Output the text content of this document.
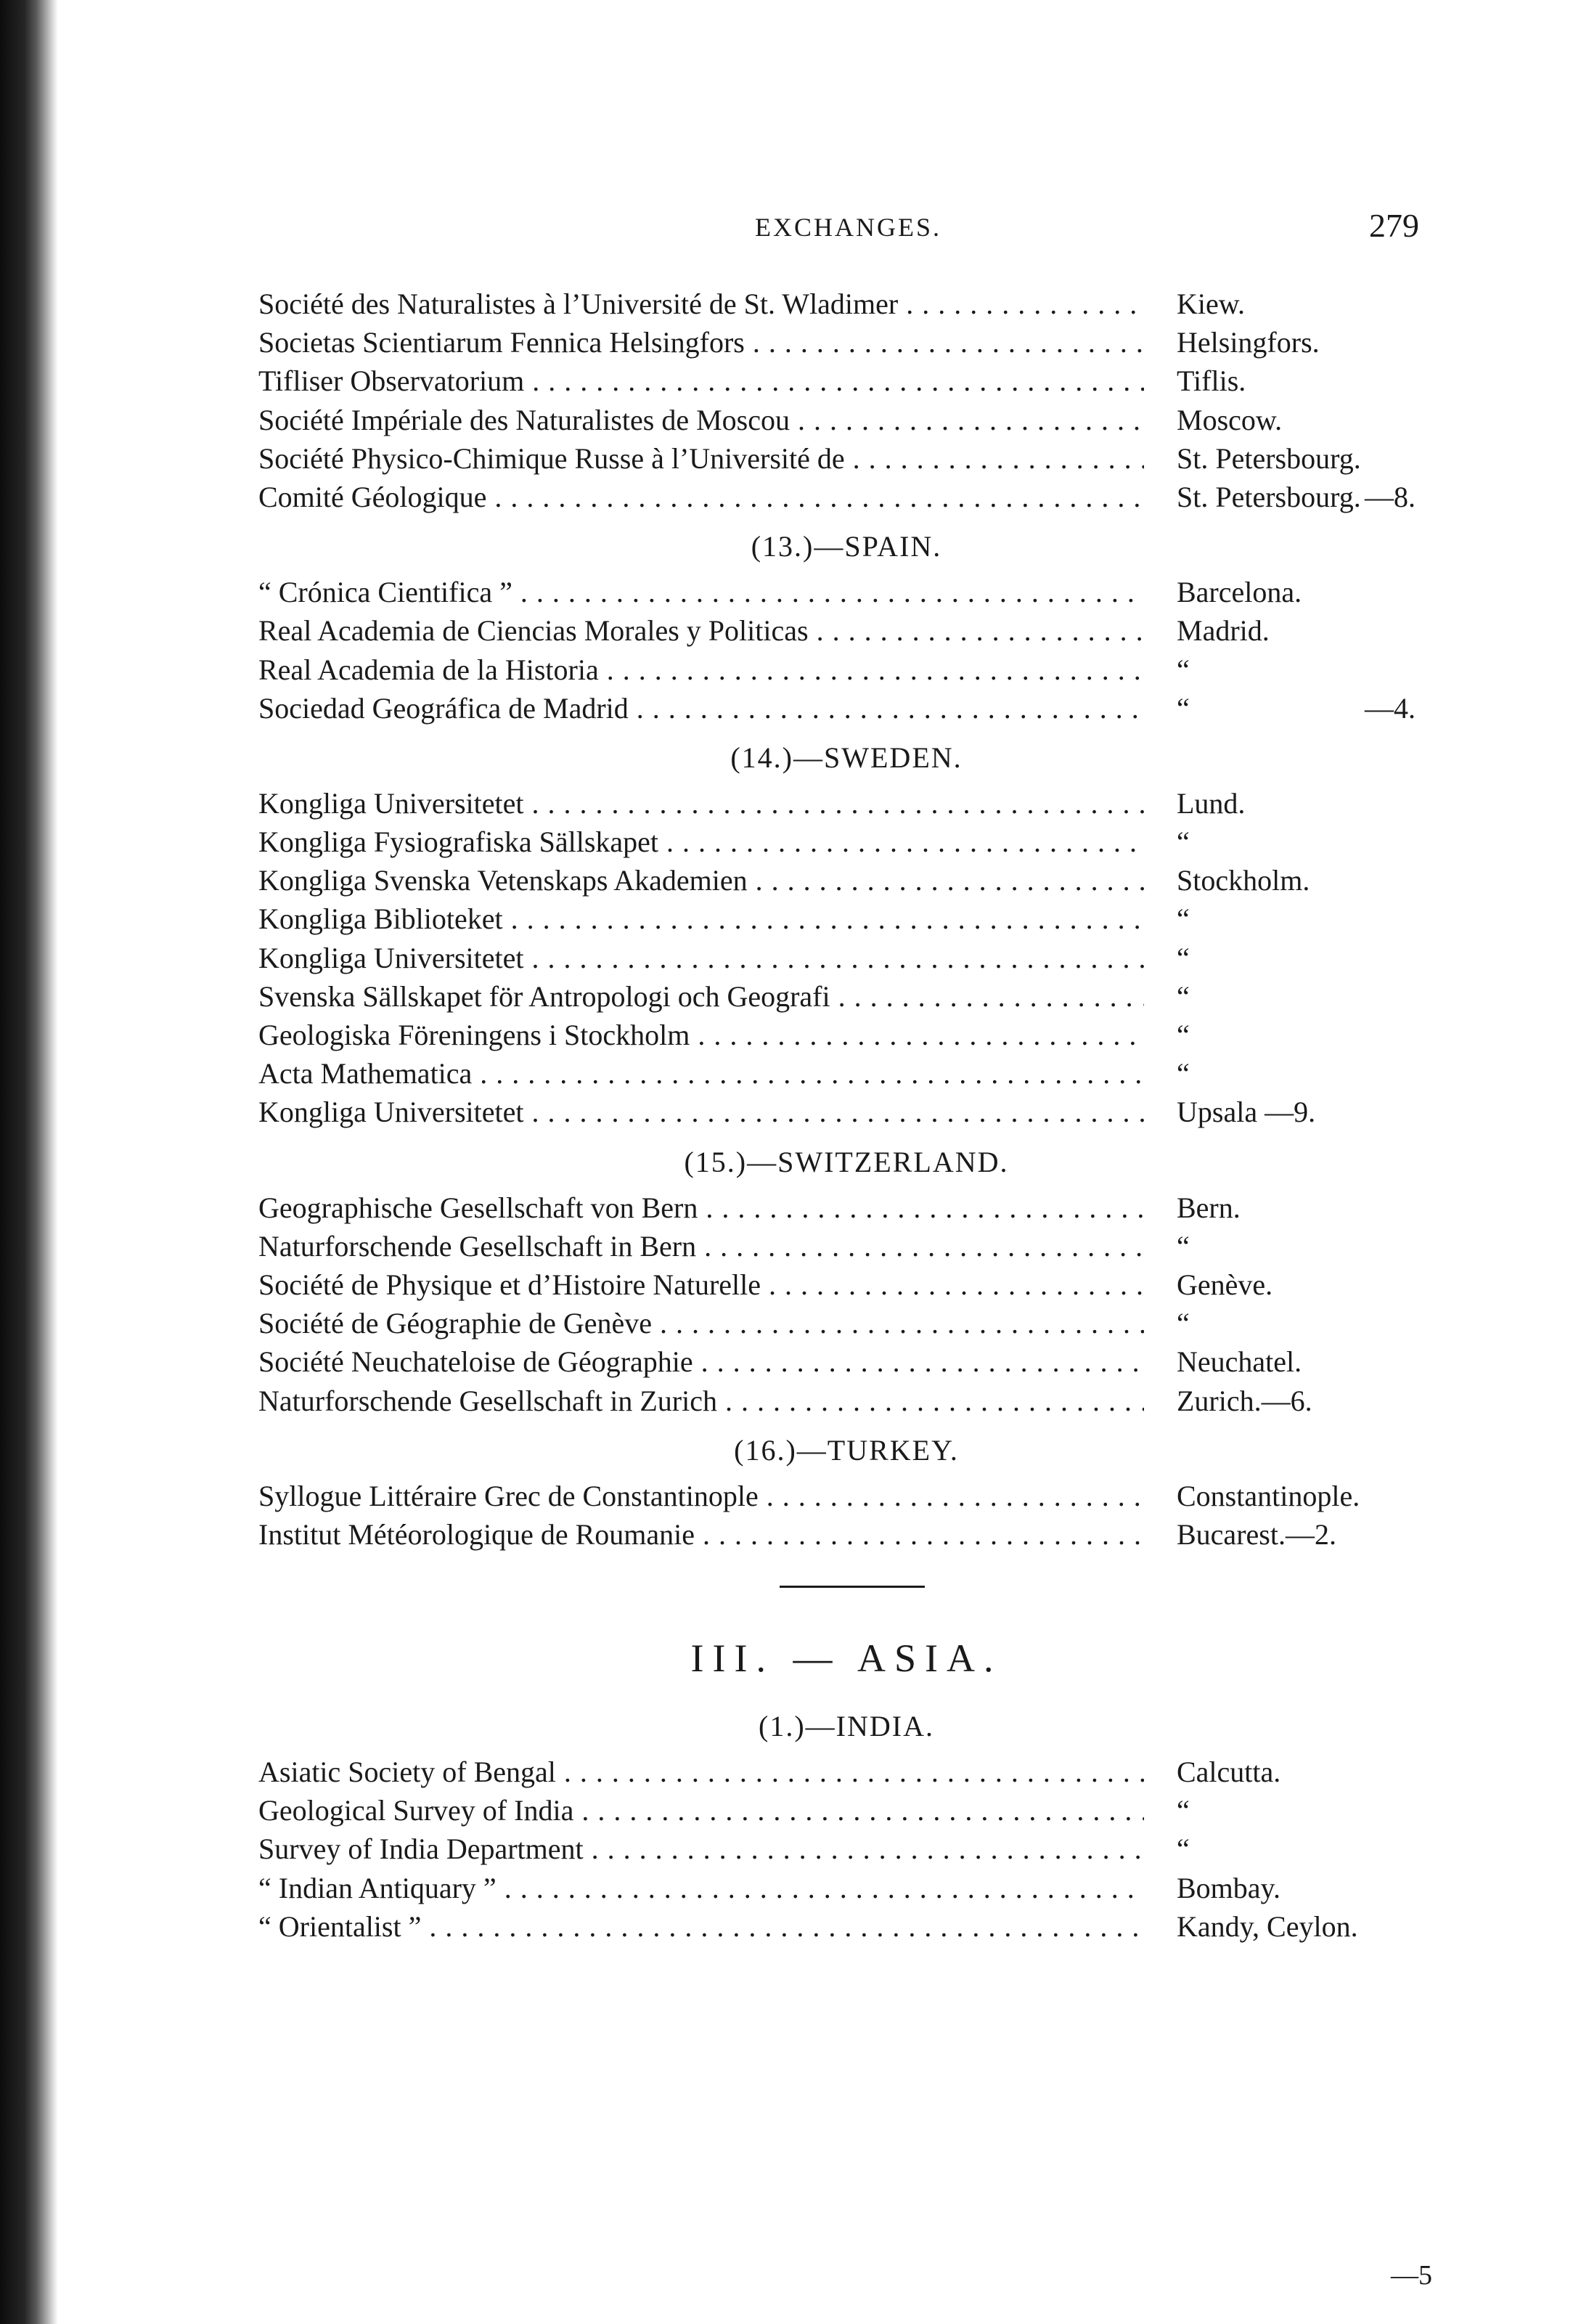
EXCHANGES.	279
Société des Naturalistes à l’Université de St. Wladimer . . .	Kiew.
Societas Scientiarum Fennica Helsingfors . . .	Helsingfors.
Tifliser Observatorium . . .	Tiflis.
Société Impériale des Naturalistes de Moscou . . .	Moscow.
Société Physico-Chimique Russe à l’Université de . . .	St. Petersbourg.
Comité Géologique . . .	St. Petersbourg. —8.
(13.)—SPAIN.
“ Crónica Cientifica ” . . .	Barcelona.
Real Academia de Ciencias Morales y Politicas . . .	Madrid.
Real Academia de la Historia . . .	“
Sociedad Geográfica de Madrid . . .	“	—4.
(14.)—SWEDEN.
Kongliga Universitetet . . .	Lund.
Kongliga Fysiografiska Sällskapet . . .	“
Kongliga Svenska Vetenskaps Akademien . . .	Stockholm.
Kongliga Biblioteket . . .	“
Kongliga Universitetet . . .	“
Svenska Sällskapet för Antropologi och Geografi . . .	“
Geologiska Föreningens i Stockholm . . .	“
Acta Mathematica . . .	“
Kongliga Universitetet . . .	Upsala —9.
(15.)—SWITZERLAND.
Geographische Gesellschaft von Bern . . .	Bern.
Naturforschende Gesellschaft in Bern . . .	“
Société de Physique et d’Histoire Naturelle . . .	Genève.
Société de Géographie de Genève . . .	“
Société Neuchateloise de Géographie . . .	Neuchatel.
Naturforschende Gesellschaft in Zurich . . .	Zurich.—6.
(16.)—TURKEY.
Syllogue Littéraire Grec de Constantinople . . .	Constantinople.
Institut Météorologique de Roumanie . . .	Bucarest.—2.
III. — ASIA.
(1.)—INDIA.
Asiatic Society of Bengal . . .	Calcutta.
Geological Survey of India . . .	“
Survey of India Department . . .	“
“ Indian Antiquary ” . . .	Bombay.
“ Orientalist ” . . .	Kandy, Ceylon.
—5
